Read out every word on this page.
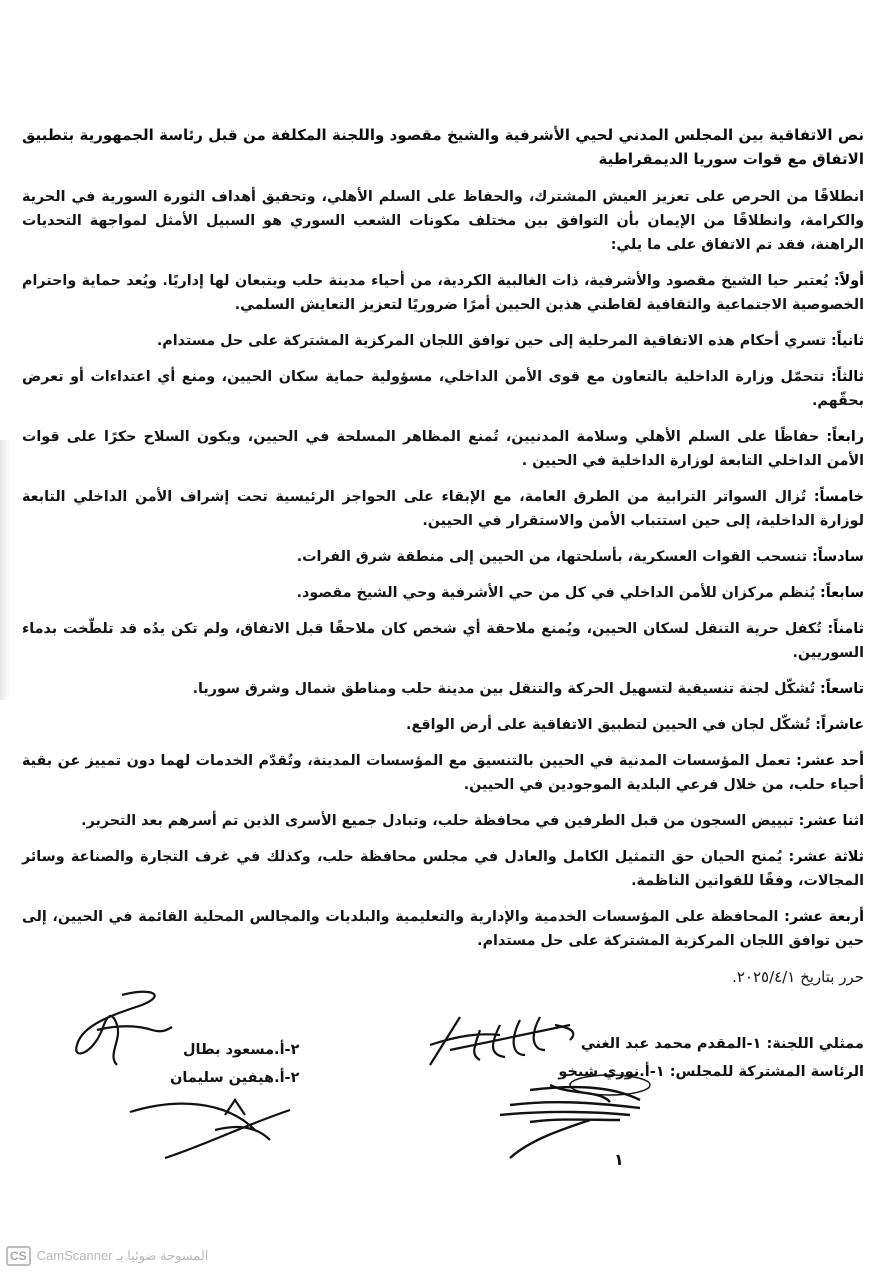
نص الاتفاقية بين المجلس المدني لحيي الأشرفية والشيخ مقصود واللجنة المكلفة من قبل رئاسة الجمهورية بتطبيق الاتفاق مع قوات سوريا الديمقراطية
انطلاقًا من الحرص على تعزيز العيش المشترك، والحفاظ على السلم الأهلي، وتحقيق أهداف الثورة السورية في الحرية والكرامة، وانطلاقًا من الإيمان بأن التوافق بين مختلف مكونات الشعب السوري هو السبيل الأمثل لمواجهة التحديات الراهنة، فقد تم الاتفاق على ما يلي:
أولاً: يُعتبر حيا الشيخ مقصود والأشرفية، ذات الغالبية الكردية، من أحياء مدينة حلب ويتبعان لها إداريًا. ويُعد حماية واحترام الخصوصية الاجتماعية والثقافية لقاطني هذين الحيين أمرًا ضروريًا لتعزيز التعايش السلمي.
ثانياً: تسري أحكام هذه الاتفاقية المرحلية إلى حين توافق اللجان المركزية المشتركة على حل مستدام.
ثالثاً: تتحمّل وزارة الداخلية بالتعاون مع قوى الأمن الداخلي، مسؤولية حماية سكان الحيين، ومنع أي اعتداءات أو تعرض بحقّهم.
رابعاً: حفاظًا على السلم الأهلي وسلامة المدنيين، تُمنع المظاهر المسلحة في الحيين، ويكون السلاح حكرًا على قوات الأمن الداخلي التابعة لوزارة الداخلية في الحيين .
خامساً: تُزال السواتر الترابية من الطرق العامة، مع الإبقاء على الحواجز الرئيسية تحت إشراف الأمن الداخلي التابعة لوزارة الداخلية، إلى حين استتباب الأمن والاستقرار في الحيين.
سادساً: تنسحب القوات العسكرية، بأسلحتها، من الحيين إلى منطقة شرق الفرات.
سابعاً: يُنظم مركزان للأمن الداخلي في كل من حي الأشرفية وحي الشيخ مقصود.
ثامناً: تُكفل حرية التنقل لسكان الحيين، ويُمنع ملاحقة أي شخص كان ملاحقًا قبل الاتفاق، ولم تكن يدُه قد تلطّخت بدماء السوريين.
تاسعاً: تُشكّل لجنة تنسيقية لتسهيل الحركة والتنقل بين مدينة حلب ومناطق شمال وشرق سوريا.
عاشراً: تُشكّل لجان في الحيين لتطبيق الاتفاقية على أرض الواقع.
أحد عشر: تعمل المؤسسات المدنية في الحيين بالتنسيق مع المؤسسات المدينة، وتُقدّم الخدمات لهما دون تمييز عن بقية أحياء حلب، من خلال فرعي البلدية الموجودين في الحيين.
اثنا عشر: تبييض السجون من قبل الطرفين في محافظة حلب، وتبادل جميع الأسرى الذين تم أسرهم بعد التحرير.
ثلاثة عشر: يُمنح الحيان حق التمثيل الكامل والعادل في مجلس محافظة حلب، وكذلك في غرف التجارة والصناعة وسائر المجالات، وفقًا للقوانين الناظمة.
أربعة عشر: المحافظة على المؤسسات الخدمية والإدارية والتعليمية والبلديات والمجالس المحلية القائمة في الحيين، إلى حين توافق اللجان المركزية المشتركة على حل مستدام.
حرر بتاريخ ٢٠٢٥/٤/١.
ممثلي اللجنة: ١-المقدم محمد عبد الغني
الرئاسة المشتركة للمجلس: ١-أ.نوري شيخو
٢-أ.مسعود بطال
٢-أ.هيفين سليمان
١
CS المسوحة ضوئيا بـ CamScanner
